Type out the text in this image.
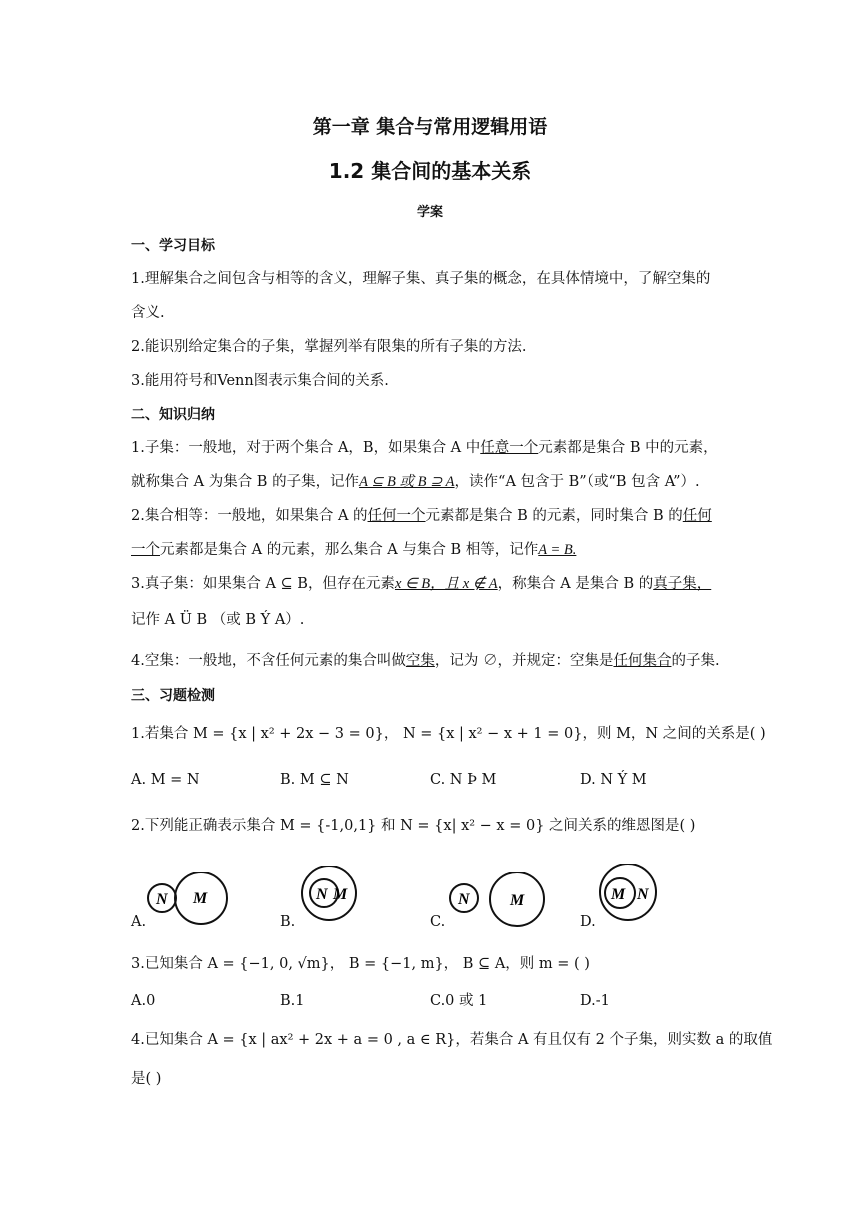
第一章 集合与常用逻辑用语
1.2 集合间的基本关系
学案
一、学习目标
1.理解集合之间包含与相等的含义，理解子集、真子集的概念，在具体情境中，了解空集的
含义.
2.能识别给定集合的子集，掌握列举有限集的所有子集的方法.
3.能用符号和Venn图表示集合间的关系.
二、知识归纳
1.子集：一般地，对于两个集合 A，B，如果集合 A 中任意一个元素都是集合 B 中的元素，
就称集合 A 为集合 B 的子集，记作A ⊆ B 或 B ⊇ A，读作“A 包含于 B”（或“B 包含 A”）.
2.集合相等：一般地，如果集合 A 的任何一个元素都是集合 B 的元素，同时集合 B 的任何
一个元素都是集合 A 的元素，那么集合 A 与集合 B 相等，记作A = B.
3.真子集：如果集合 A ⊆ B，但存在元素x ∈ B，且 x ∉ A，称集合 A 是集合 B 的真子集，
记作 A Ü B （或 B Ý A）.
4.空集：一般地，不含任何元素的集合叫做空集，记为 ∅，并规定：空集是任何集合的子集.
三、习题检测
1.若集合 M = {x | x² + 2x − 3 = 0}， N = {x | x² − x + 1 = 0}，则 M，N 之间的关系是( )
A. M = N	B. M ⊆ N	C. N Þ M	D. N Ý M
2.下列能正确表示集合 M = {-1,0,1} 和 N = {x| x² − x = 0} 之间关系的维恩图是( )
N M	N M	N	M	M N
A.	B.	C.	D.
3.已知集合 A = {−1, 0, √m}， B = {−1, m}， B ⊆ A，则 m = ( )
A.0	B.1	C.0 或 1	D.-1
4.已知集合 A = {x | ax² + 2x + a = 0 , a ∈ R}，若集合 A 有且仅有 2 个子集，则实数 a 的取值
是( )
